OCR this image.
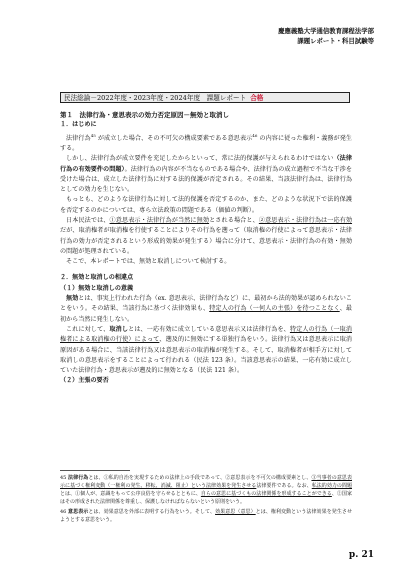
慶應義塾大学通信教育課程法学部
課題レポート・科目試験等
民法総論－2022年度・2023年度・2024年度　課題レポート 合格

第１　法律行為・意思表示の効力否定原因－無効と取消し

１．はじめに

法律行為$^{45}$ が成立した場合、その不可欠の構成要素である意思表示$^{46}$ の内容に従った権利・義務が発生する。

しかし、法律行為が成立要件を充足したからといって、常に法的保護が与えられるわけではない（法律行為の有効要件の問題）。法律行為の内容が不当なものである場合や、法律行為の成立過程で不当な干渉を受けた場合は、成立した法律行為に対する法的保護が否定される。その結果、当該法律行為は、法律行為としての効力を生じない。

もっとも、どのような法律行為に対して法的保護を否定するのか、また、どのような状況下で法的保護を否定するのかについては、専ら立法政策の問題である（価値の判断）。

日本民法では、①意思表示・法律行為が当然に無効とされる場合と、②意思表示・法律行為は一応有効だが、取消権者が取消権を行使することによりその行為を遡って（取消権の行使によって意思表示・法律行為の効力が否定されるという形成的効果が発生する）場合に分けて、意思表示・法律行為の有効・無効の問題が処理されている。

そこで、本レポートでは、無効と取消しについて検討する。

２．無効と取消しの相違点

（１）無効と取消しの意義

無効とは、事実上行われた行為（ex. 意思表示、法律行為など）に、最初から法的効果が認められないことをいう。その結果、当該行為に基づく法律効果も、特定人の行為（一何人の主張）を待つことなく、最初から当然に発生しない。

これに対して、取消しとは、一応有効に成立している意思表示又は法律行為を、特定人の行為（一取消権者による取消権の行使）によって、遡及的に無効にする単独行為をいう。法律行為又は意思表示に取消原因がある場合に、当該法律行為又は意思表示の取消権が発生する。そして、取消権者が相手方に対して取消しの意思表示をすることによって行われる（民法 123 条）。当該意思表示の結果、一応有効に成立していた法律行為・意思表示が遡及的に無効となる（民法 121 条）。

（２）主張の要否

45 法律行為とは、①私的自治を実現するための法律上の手段であって、②意思表示を不可欠の構成要素とし、③当事者の意思表示に基づく権利変動（一権利の発生、移転、消滅、阻止）という法律効果を発生させる法律要件である。なお、私法的効力の問題とは、①個人が、意識をもって公序良俗を守らせるとともに、自らの意思に基づくもの法律関係を形成することができる、②国家はその形成された法律関係を尊重し、保護しなければならないという原則をいう。

46 意思表示とは、効果意思を外部に表明する行為をいう。そして、効果意思（意思）とは、権利変動という法律効果を発生させようとする意思をいう。

p. 21
